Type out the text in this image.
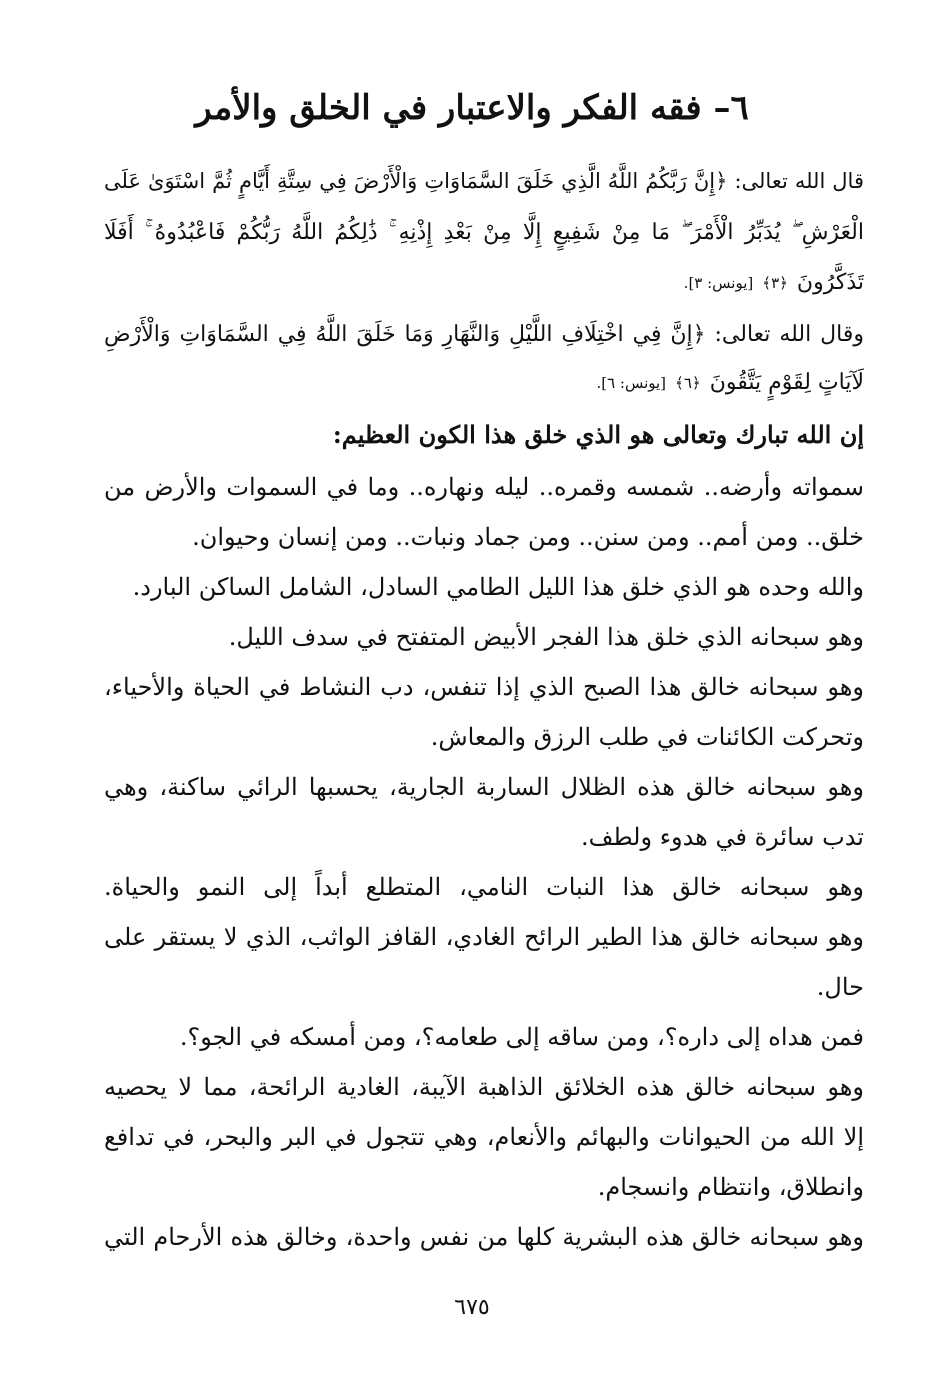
٦– فقه الفكر والاعتبار في الخلق والأمر
قال الله تعالى: ﴿إِنَّ رَبَّكُمُ اللَّهُ الَّذِي خَلَقَ السَّمَاوَاتِ وَالْأَرْضَ فِي سِتَّةِ أَيَّامٍ ثُمَّ اسْتَوَىٰ عَلَى
الْعَرْشِ ۖ يُدَبِّرُ الْأَمْرَ ۖ مَا مِنْ شَفِيعٍ إِلَّا مِنْ بَعْدِ إِذْنِهِ ۚ ذَٰلِكُمُ اللَّهُ رَبُّكُمْ فَاعْبُدُوهُ ۚ أَفَلَا
تَذَكَّرُونَ ﴿٣﴾ [يونس: ٣].
وقال الله تعالى: ﴿إِنَّ فِي اخْتِلَافِ اللَّيْلِ وَالنَّهَارِ وَمَا خَلَقَ اللَّهُ فِي السَّمَاوَاتِ وَالْأَرْضِ
لَآيَاتٍ لِقَوْمٍ يَتَّقُونَ ﴿٦﴾ [يونس: ٦].
إن الله تبارك وتعالى هو الذي خلق هذا الكون العظيم:
سمواته وأرضه.. شمسه وقمره.. ليله ونهاره.. وما في السموات والأرض من
خلق.. ومن أمم.. ومن سنن.. ومن جماد ونبات.. ومن إنسان وحيوان.
والله وحده هو الذي خلق هذا الليل الطامي السادل، الشامل الساكن البارد.
وهو سبحانه الذي خلق هذا الفجر الأبيض المتفتح في سدف الليل.
وهو سبحانه خالق هذا الصبح الذي إذا تنفس، دب النشاط في الحياة والأحياء،
وتحركت الكائنات في طلب الرزق والمعاش.
وهو سبحانه خالق هذه الظلال الساربة الجارية، يحسبها الرائي ساكنة، وهي
تدب سائرة في هدوء ولطف.
وهو سبحانه خالق هذا النبات النامي، المتطلع أبداً إلى النمو والحياة.
وهو سبحانه خالق هذا الطير الرائح الغادي، القافز الواثب، الذي لا يستقر على
حال.
فمن هداه إلى داره؟، ومن ساقه إلى طعامه؟، ومن أمسكه في الجو؟.
وهو سبحانه خالق هذه الخلائق الذاهبة الآيبة، الغادية الرائحة، مما لا يحصيه
إلا الله من الحيوانات والبهائم والأنعام، وهي تتجول في البر والبحر، في تدافع
وانطلاق، وانتظام وانسجام.
وهو سبحانه خالق هذه البشرية كلها من نفس واحدة، وخالق هذه الأرحام التي
٦٧٥
